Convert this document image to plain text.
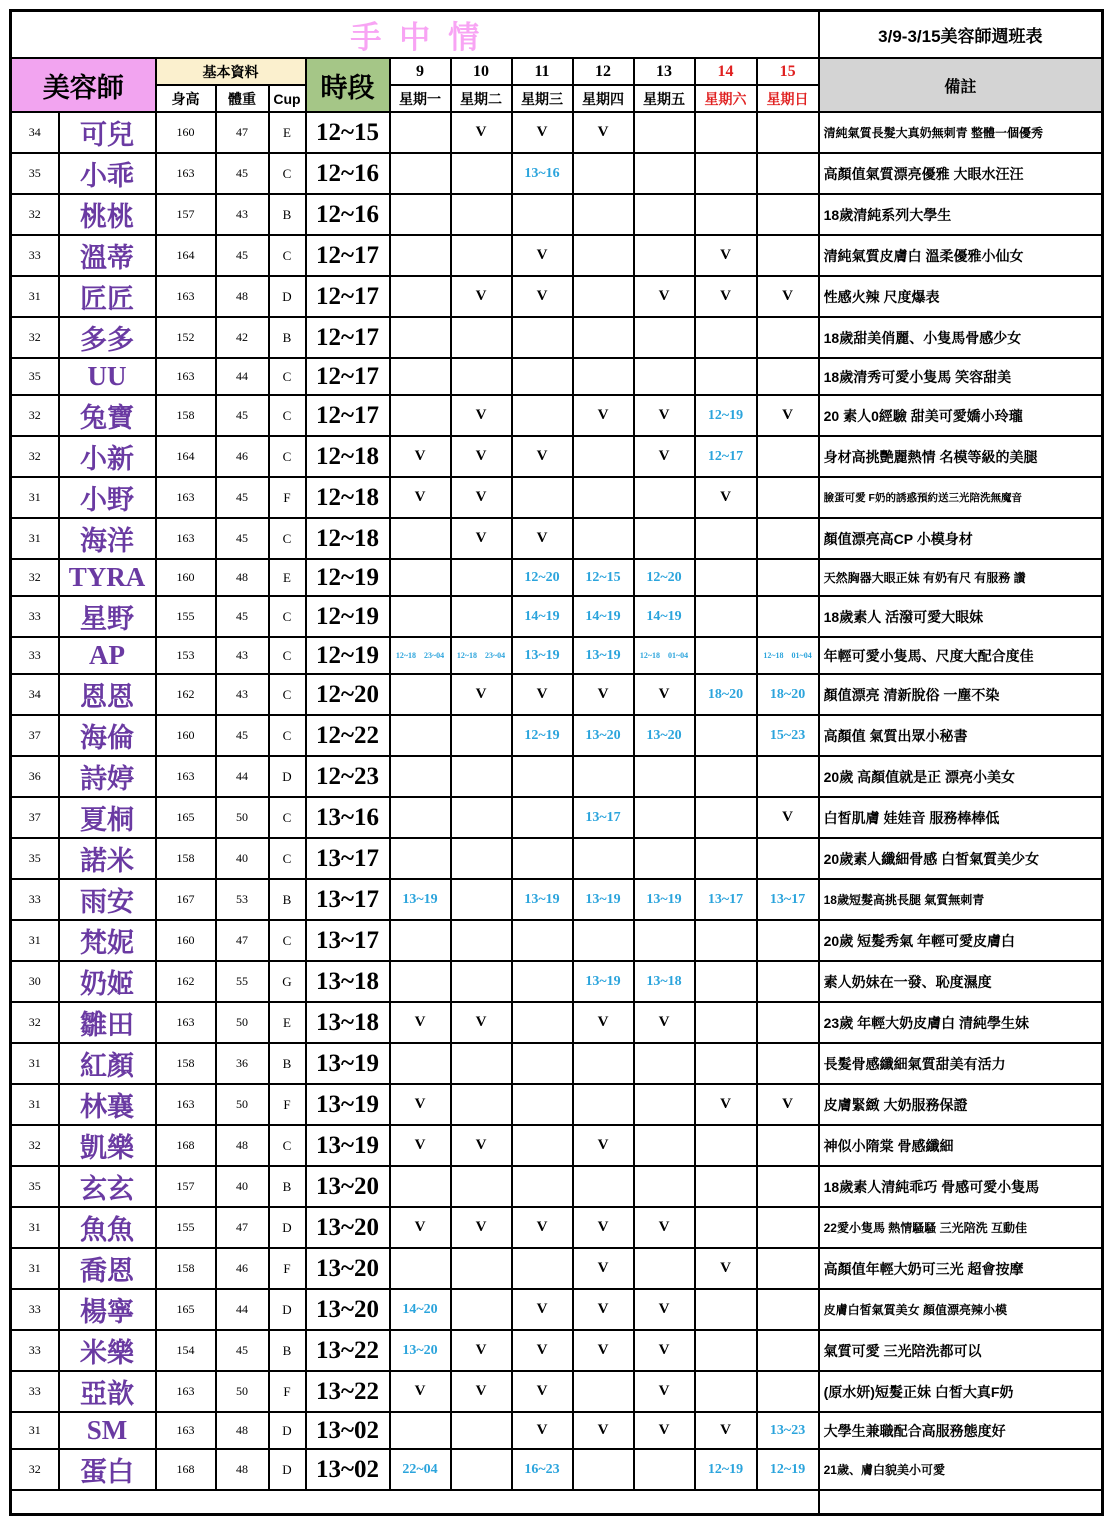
手中情													3/9-3/15美容師週班表
美容師		基本資料			時段	9	10	11	12	13	14	15	備註
		身高	體重	Cup		星期一	星期二	星期三	星期四	星期五	星期六	星期日	
34	可兒	160	47	E	12~15		V	V	V				清純氣質長髮大真奶無刺青 整體一個優秀
35	小乖	163	45	C	12~16			13~16					高顏值氣質漂亮優雅 大眼水汪汪
32	桃桃	157	43	B	12~16								18歲清純系列大學生
33	溫蒂	164	45	C	12~17			V			V		清純氣質皮膚白 溫柔優雅小仙女
31	匠匠	163	48	D	12~17		V	V		V	V	V	性感火辣 尺度爆表
32	多多	152	42	B	12~17								18歲甜美俏麗、小隻馬骨感少女
35	UU	163	44	C	12~17								18歲清秀可愛小隻馬 笑容甜美
32	兔寶	158	45	C	12~17		V		V	V	12~19	V	20 素人0經驗 甜美可愛嬌小玲瓏
32	小新	164	46	C	12~18	V	V	V		V	12~17		身材高挑艷麗熱情 名模等級的美腿
31	小野	163	45	F	12~18	V	V				V		臉蛋可愛 F奶的誘惑預約送三光陪洗無魔音
31	海洋	163	45	C	12~18		V	V					顏值漂亮高CP 小模身材
32	TYRA	160	48	E	12~19			12~20	12~15	12~20			天然胸器大眼正妹 有奶有尺 有服務 讚
33	星野	155	45	C	12~19			14~19	14~19	14~19			18歲素人 活潑可愛大眼妹
33	AP	153	43	C	12~19	12~18 23~04	12~18 23~04	13~19	13~19	12~18 01~04		12~18 01~04	年輕可愛小隻馬、尺度大配合度佳
34	恩恩	162	43	C	12~20		V	V	V	V	18~20	18~20	顏值漂亮 清新脫俗 一塵不染
37	海倫	160	45	C	12~22			12~19	13~20	13~20		15~23	高顏值 氣質出眾小秘書
36	詩婷	163	44	D	12~23								20歲 高顏值就是正 漂亮小美女
37	夏桐	165	50	C	13~16				13~17			V	白皙肌膚 娃娃音 服務棒棒低
35	諾米	158	40	C	13~17								20歲素人纖細骨感 白皙氣質美少女
33	雨安	167	53	B	13~17	13~19		13~19	13~19	13~19	13~17	13~17	18歲短髮高挑長腿 氣質無刺青
31	梵妮	160	47	C	13~17								20歲 短髮秀氣 年輕可愛皮膚白
30	奶姬	162	55	G	13~18				13~19	13~18			素人奶妹在一發、恥度濕度
32	雛田	163	50	E	13~18	V	V		V	V			23歲 年輕大奶皮膚白 清純學生妹
31	紅顏	158	36	B	13~19								長髮骨感纖細氣質甜美有活力
31	林襄	163	50	F	13~19	V					V	V	皮膚緊緻 大奶服務保證
32	凱樂	168	48	C	13~19	V	V		V				神似小隋棠 骨感纖細
35	玄玄	157	40	B	13~20								18歲素人清純乖巧 骨感可愛小隻馬
31	魚魚	155	47	D	13~20	V	V	V	V	V			22愛小隻馬 熱情騷騷 三光陪洗 互動佳
31	喬恩	158	46	F	13~20				V		V		高顏值年輕大奶可三光 超會按摩
33	楊寧	165	44	D	13~20	14~20		V	V	V			皮膚白皙氣質美女 顏值漂亮辣小模
33	米樂	154	45	B	13~22	13~20	V	V	V	V			氣質可愛 三光陪洗都可以
33	亞歆	163	50	F	13~22	V	V	V		V			(原水妍)短髮正妹 白皙大真F奶
31	SM	163	48	D	13~02			V	V	V	V	13~23	大學生兼職配合高服務態度好
32	蛋白	168	48	D	13~02	22~04		16~23			12~19	12~19	21歲、膚白貌美小可愛
